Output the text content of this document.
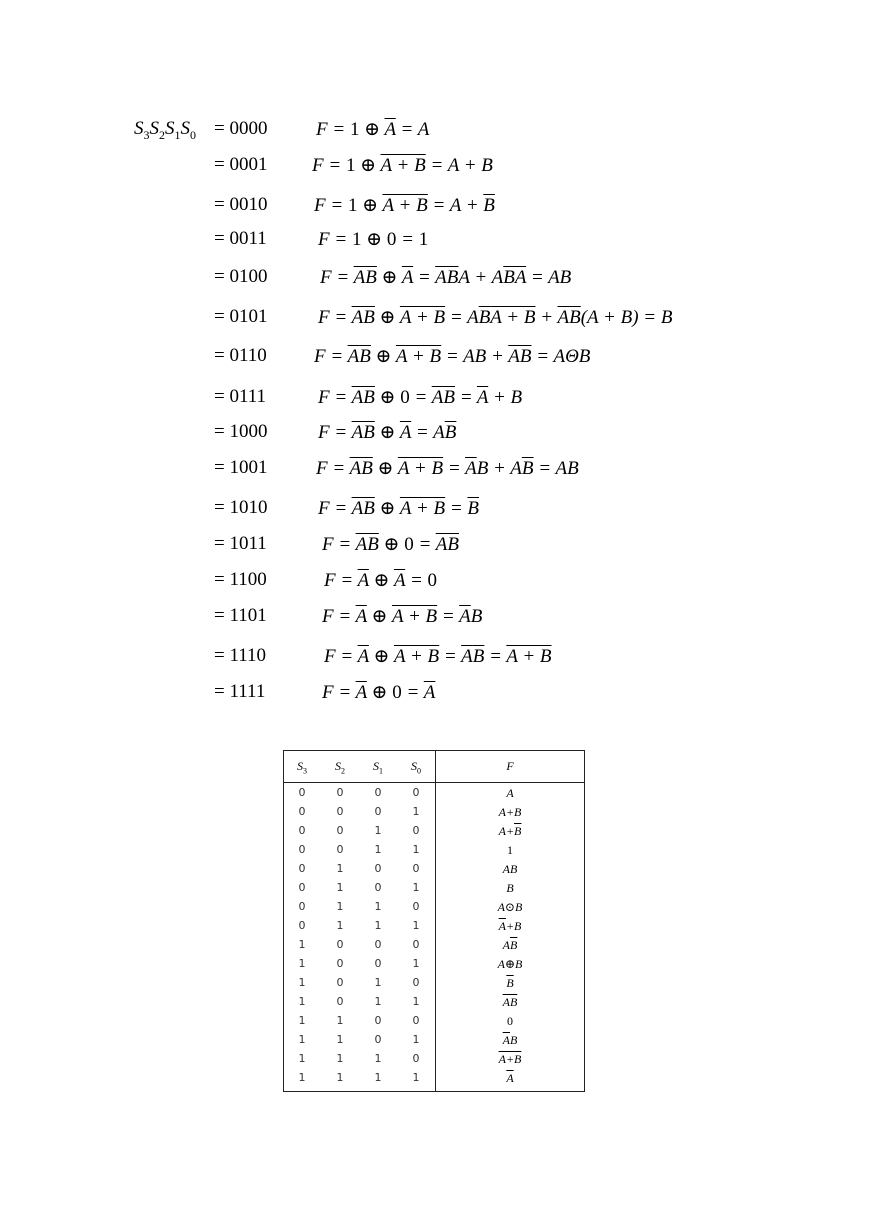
$S_3S_2S_1S_0 = 0000$	F = 1 ⊕ $\overline{A} = A$
= 0001 F = 1 ⊕ A + B = A + B
= 0010 F = 1 ⊕ $A + B = A + \overline{B}$
= 0011	F = 1 ⊕ 0 = 1
= 0100	F = AB ⊕ $\overline{A}$ = ABA + $A\overline{BA}$ = AB
= 0101	F = AB ⊕ $A + B = A\overline{B}A + B + AB(A + B) = B$
= 0110 F = AB ⊕ A + B = AB + $\overline{AB} = A\Theta B$
= 0111	F = AB ⊕ 0 = AB = $\overline{A} + B$
= 1000	$F = \overline{AB}$ ⊕ $\overline{A} = A\overline{B}$
= 1001	$F = \overline{AB}$ ⊕ $A + B = \overline{A}B + A\overline{B}$ = AB
= 1010	$F = \overline{AB}$ ⊕ $A + B = \overline{B}$
= 1011	$F = \overline{AB}$ ⊕ $0 = \overline{AB}$
= 1100	$F = \overline{A}$ ⊕ $\overline{A} = 0$
= 1101	$F = \overline{A}$ ⊕ $A + B = \overline{A}B$
= 1110	$F = \overline{A}$ ⊕ $A + B = \overline{A}\overline{B} = A + B$
= 1111	$F = \overline{A}$ ⊕ $0 = \overline{A}$
$S_3$	$S_2$	$S_1$	$S_0$	F
0	0	0	0	A
0	0	0	1	A+B
0	0	1	0	$A+\overline{B}$
0	0	1	1	1
0	1	0	0	AB
0	1	0	1	B
0	1	1	0	A⊙B
0	1	1	1	$\overline{A}+B$
1	0	0	0	$A\overline{B}$
1	0	0	1	A⊕B
1	0	1	0	$\overline{B}$
1	0	1	1	$\overline{AB}$
1	1	0	0	0
1	1	0	1	$\overline{A}B$
1	1	1	0	A+B
1	1	1	1	$\overline{A}$
